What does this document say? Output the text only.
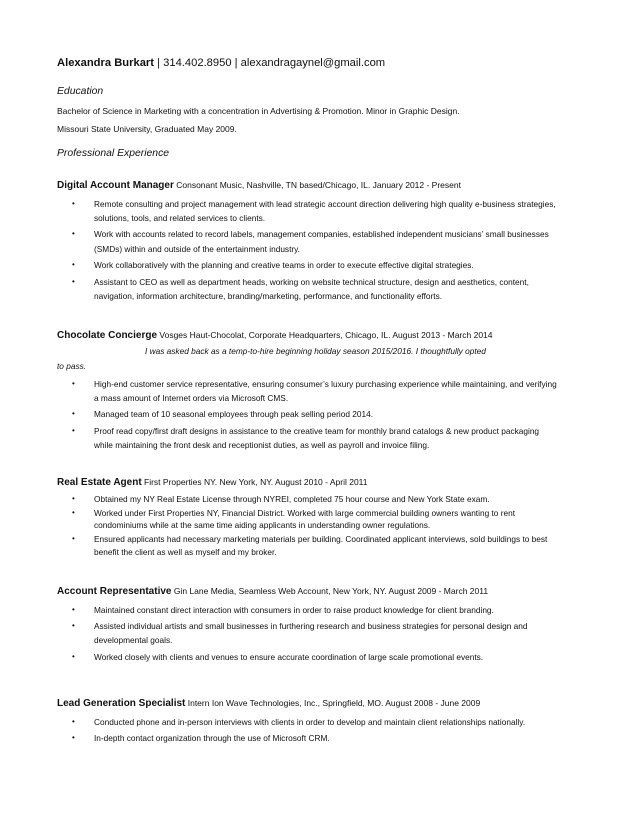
Alexandra Burkart | 314.402.8950 | alexandragaynel@gmail.com
Education
Bachelor of Science in Marketing with a concentration in Advertising & Promotion. Minor in Graphic Design.
Missouri State University, Graduated May 2009.
Professional Experience
Digital Account Manager Consonant Music, Nashville, TN based/Chicago, IL. January 2012 - Present
• Remote consulting and project management with lead strategic account direction delivering high quality e-business strategies, solutions, tools, and related services to clients.
• Work with accounts related to record labels, management companies, established independent musicians’ small businesses (SMDs) within and outside of the entertainment industry.
• Work collaboratively with the planning and creative teams in order to execute effective digital strategies.
• Assistant to CEO as well as department heads, working on website technical structure, design and aesthetics, content, navigation, information architecture, branding/marketing, performance, and functionality efforts.
Chocolate Concierge Vosges Haut-Chocolat, Corporate Headquarters, Chicago, IL. August 2013 - March 2014
I was asked back as a temp-to-hire beginning holiday season 2015/2016. I thoughtfully opted
to pass.
• High-end customer service representative, ensuring consumer’s luxury purchasing experience while maintaining, and verifying a mass amount of Internet orders via Microsoft CMS.
• Managed team of 10 seasonal employees through peak selling period 2014.
• Proof read copy/first draft designs in assistance to the creative team for monthly brand catalogs & new product packaging while maintaining the front desk and receptionist duties, as well as payroll and invoice filing.
Real Estate Agent First Properties NY. New York, NY. August 2010 - April 2011
• Obtained my NY Real Estate License through NYREI, completed 75 hour course and New York State exam.
• Worked under First Properties NY, Financial District. Worked with large commercial building owners wanting to rent condominiums while at the same time aiding applicants in understanding owner regulations.
• Ensured applicants had necessary marketing materials per building. Coordinated applicant interviews, sold buildings to best benefit the client as well as myself and my broker.
Account Representative Gin Lane Media, Seamless Web Account, New York, NY. August 2009 - March 2011
• Maintained constant direct interaction with consumers in order to raise product knowledge for client branding.
• Assisted individual artists and small businesses in furthering research and business strategies for personal design and developmental goals.
• Worked closely with clients and venues to ensure accurate coordination of large scale promotional events.
Lead Generation Specialist Intern Ion Wave Technologies, Inc., Springfield, MO. August 2008 - June 2009
• Conducted phone and in-person interviews with clients in order to develop and maintain client relationships nationally.
• In-depth contact organization through the use of Microsoft CRM.
